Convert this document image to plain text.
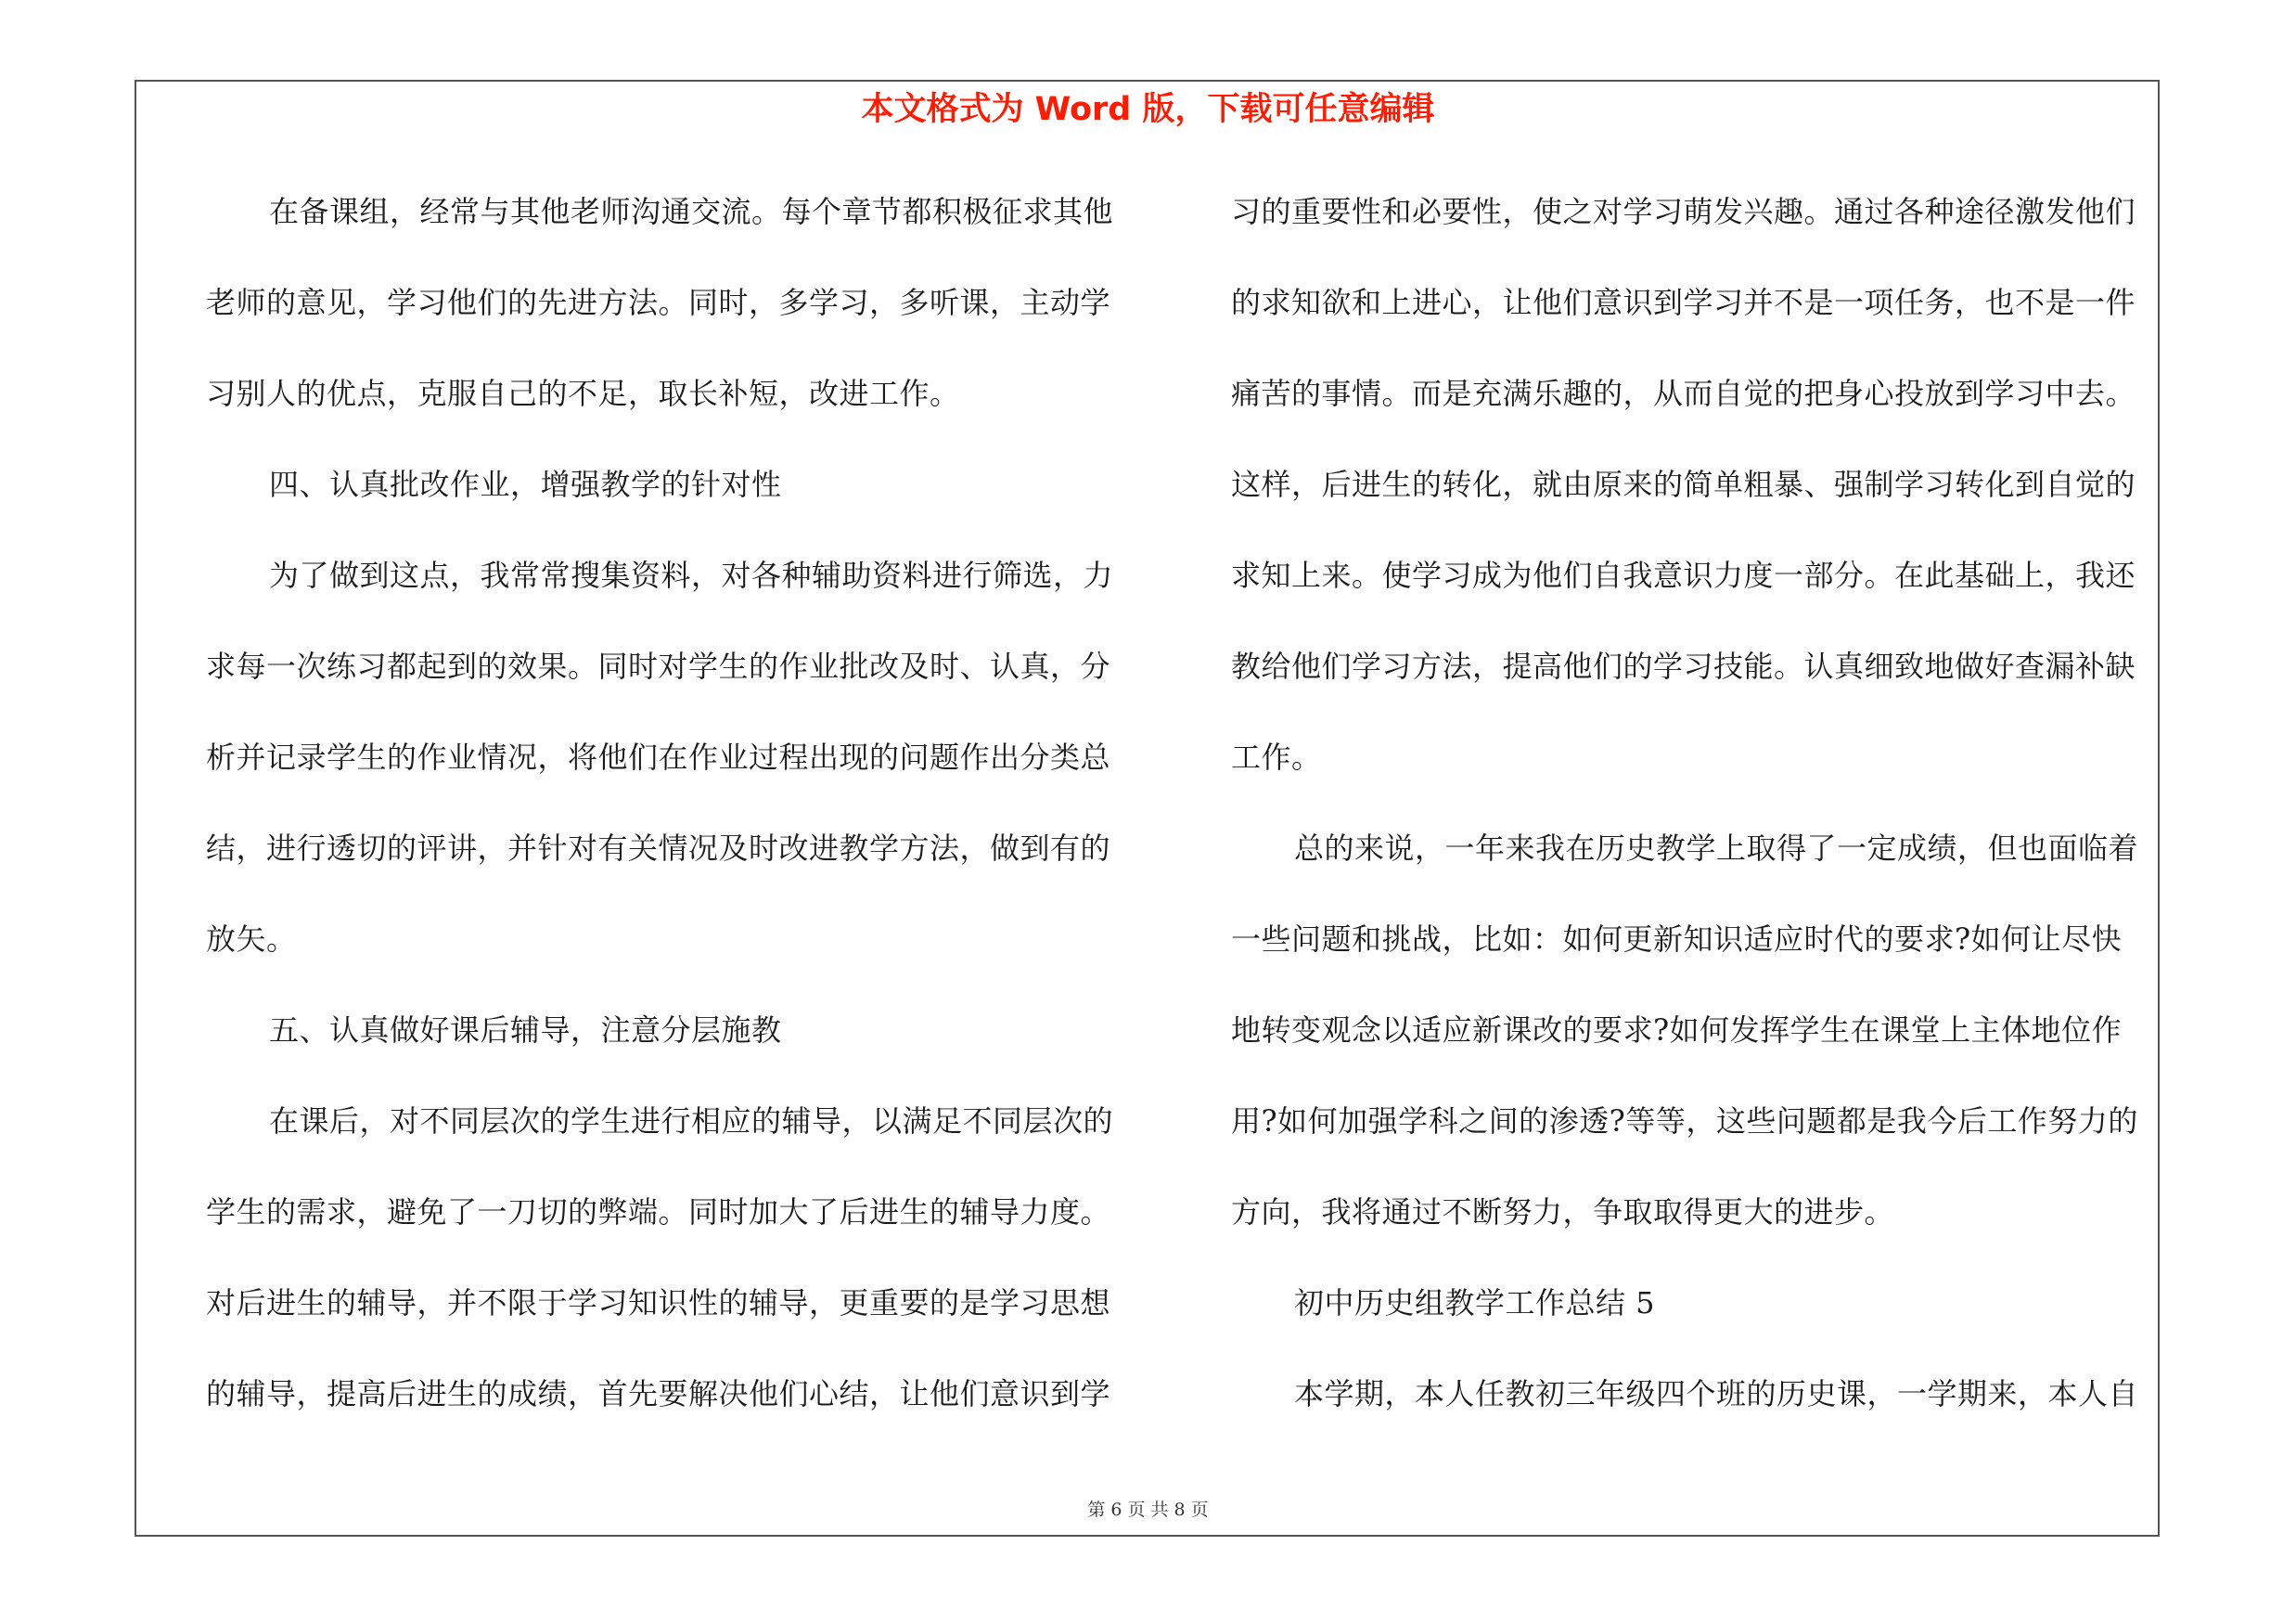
本文格式为 Word 版，下载可任意编辑
在备课组，经常与其他老师沟通交流。每个章节都积极征求其他
老师的意见，学习他们的先进方法。同时，多学习，多听课，主动学
习别人的优点，克服自己的不足，取长补短，改进工作。
四、认真批改作业，增强教学的针对性
为了做到这点，我常常搜集资料，对各种辅助资料进行筛选，力
求每一次练习都起到的效果。同时对学生的作业批改及时、认真，分
析并记录学生的作业情况，将他们在作业过程出现的问题作出分类总
结，进行透切的评讲，并针对有关情况及时改进教学方法，做到有的
放矢。
五、认真做好课后辅导，注意分层施教
在课后，对不同层次的学生进行相应的辅导，以满足不同层次的
学生的需求，避免了一刀切的弊端。同时加大了后进生的辅导力度。
对后进生的辅导，并不限于学习知识性的辅导，更重要的是学习思想
的辅导，提高后进生的成绩，首先要解决他们心结，让他们意识到学
习的重要性和必要性，使之对学习萌发兴趣。通过各种途径激发他们
的求知欲和上进心，让他们意识到学习并不是一项任务，也不是一件
痛苦的事情。而是充满乐趣的，从而自觉的把身心投放到学习中去。
这样，后进生的转化，就由原来的简单粗暴、强制学习转化到自觉的
求知上来。使学习成为他们自我意识力度一部分。在此基础上，我还
教给他们学习方法，提高他们的学习技能。认真细致地做好查漏补缺
工作。
总的来说，一年来我在历史教学上取得了一定成绩，但也面临着
一些问题和挑战，比如：如何更新知识适应时代的要求?如何让尽快
地转变观念以适应新课改的要求?如何发挥学生在课堂上主体地位作
用?如何加强学科之间的渗透?等等，这些问题都是我今后工作努力的
方向，我将通过不断努力，争取取得更大的进步。
初中历史组教学工作总结 5
本学期，本人任教初三年级四个班的历史课，一学期来，本人自
第 6 页 共 8 页
